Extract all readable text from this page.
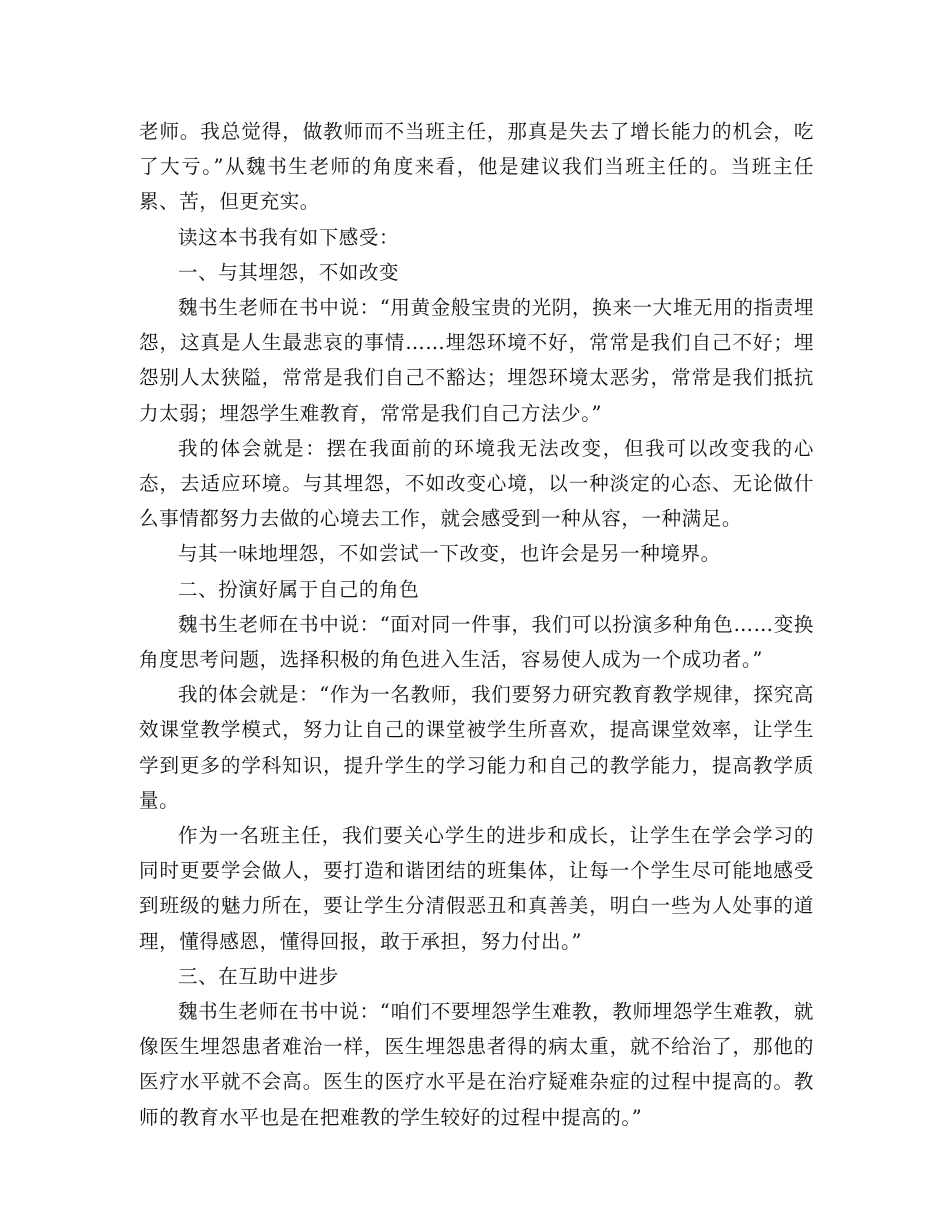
老师。我总觉得，做教师而不当班主任，那真是失去了增长能力的机会，吃了大亏。”从魏书生老师的角度来看，他是建议我们当班主任的。当班主任累、苦，但更充实。

读这本书我有如下感受：

一、与其埋怨，不如改变

魏书生老师在书中说：“用黄金般宝贵的光阴，换来一大堆无用的指责埋怨，这真是人生最悲哀的事情……埋怨环境不好，常常是我们自己不好；埋怨别人太狭隘，常常是我们自己不豁达；埋怨环境太恶劣，常常是我们抵抗力太弱；埋怨学生难教育，常常是我们自己方法少。”

我的体会就是：摆在我面前的环境我无法改变，但我可以改变我的心态，去适应环境。与其埋怨，不如改变心境，以一种淡定的心态、无论做什么事情都努力去做的心境去工作，就会感受到一种从容，一种满足。

与其一味地埋怨，不如尝试一下改变，也许会是另一种境界。

二、扮演好属于自己的角色

魏书生老师在书中说：“面对同一件事，我们可以扮演多种角色……变换角度思考问题，选择积极的角色进入生活，容易使人成为一个成功者。”

我的体会就是：“作为一名教师，我们要努力研究教育教学规律，探究高效课堂教学模式，努力让自己的课堂被学生所喜欢，提高课堂效率，让学生学到更多的学科知识，提升学生的学习能力和自己的教学能力，提高教学质量。

作为一名班主任，我们要关心学生的进步和成长，让学生在学会学习的同时更要学会做人，要打造和谐团结的班集体，让每一个学生尽可能地感受到班级的魅力所在，要让学生分清假恶丑和真善美，明白一些为人处事的道理，懂得感恩，懂得回报，敢于承担，努力付出。”

三、在互助中进步

魏书生老师在书中说：“咱们不要埋怨学生难教，教师埋怨学生难教，就像医生埋怨患者难治一样，医生埋怨患者得的病太重，就不给治了，那他的医疗水平就不会高。医生的医疗水平是在治疗疑难杂症的过程中提高的。教师的教育水平也是在把难教的学生较好的过程中提高的。”
